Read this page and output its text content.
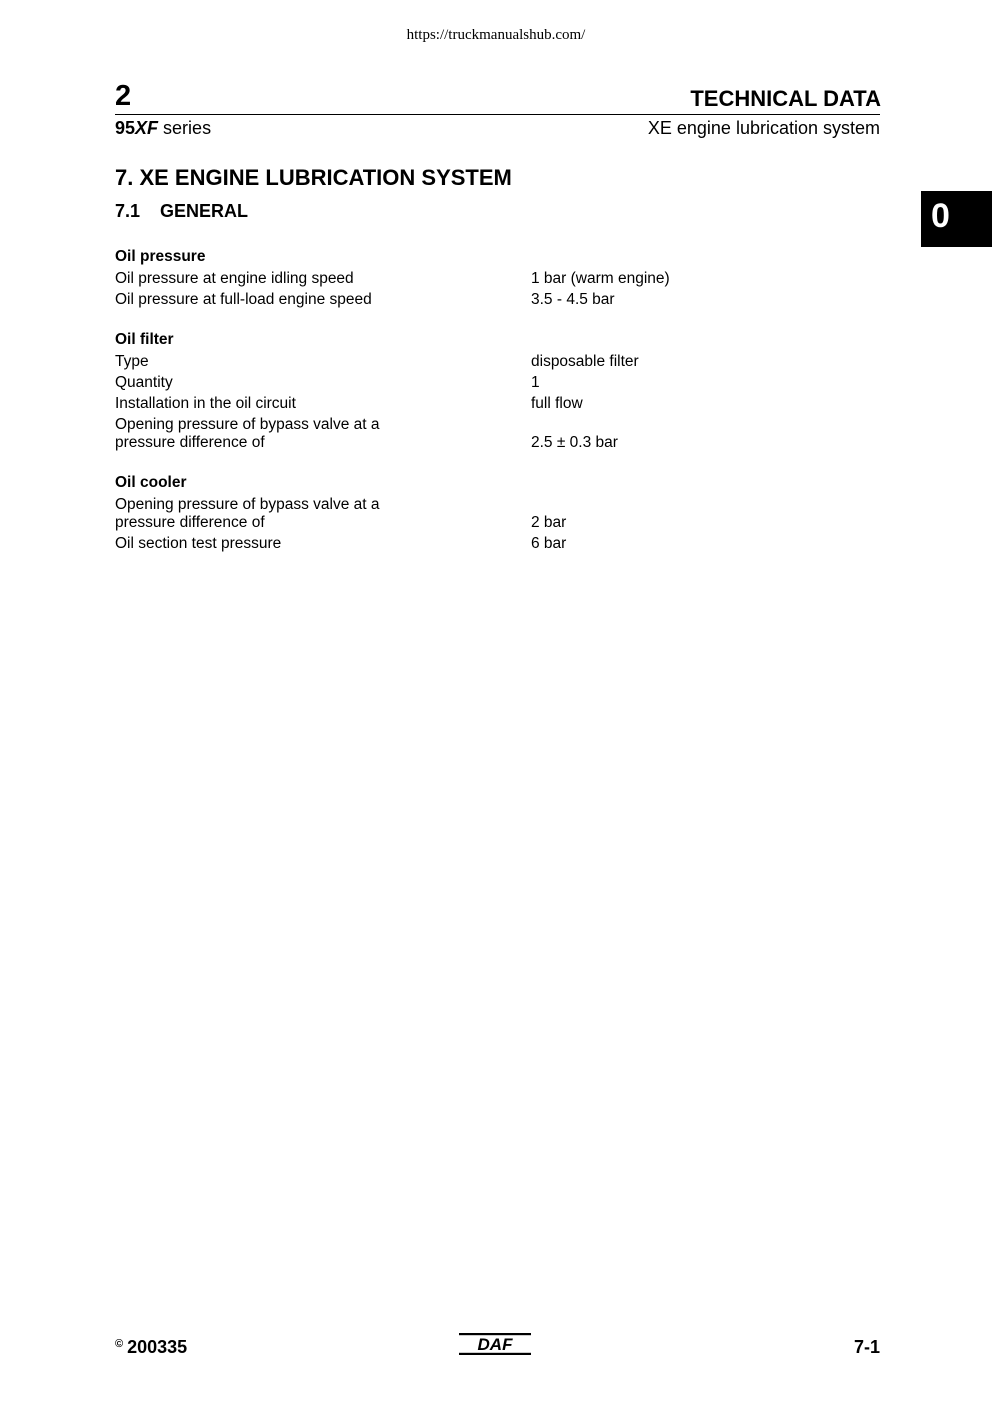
https://truckmanualshub.com/
2	TECHNICAL DATA
95XF series	XE engine lubrication system
0
7. XE ENGINE LUBRICATION SYSTEM
7.1 GENERAL
Oil pressure
Oil pressure at engine idling speed	1 bar (warm engine)
Oil pressure at full-load engine speed	3.5 - 4.5 bar
Oil filter
Type	disposable filter
Quantity	1
Installation in the oil circuit	full flow
Opening pressure of bypass valve at a
pressure difference of	2.5 ± 0.3 bar
Oil cooler
Opening pressure of bypass valve at a
pressure difference of	2 bar
Oil section test pressure	6 bar
© 200335	DAF	7-1
